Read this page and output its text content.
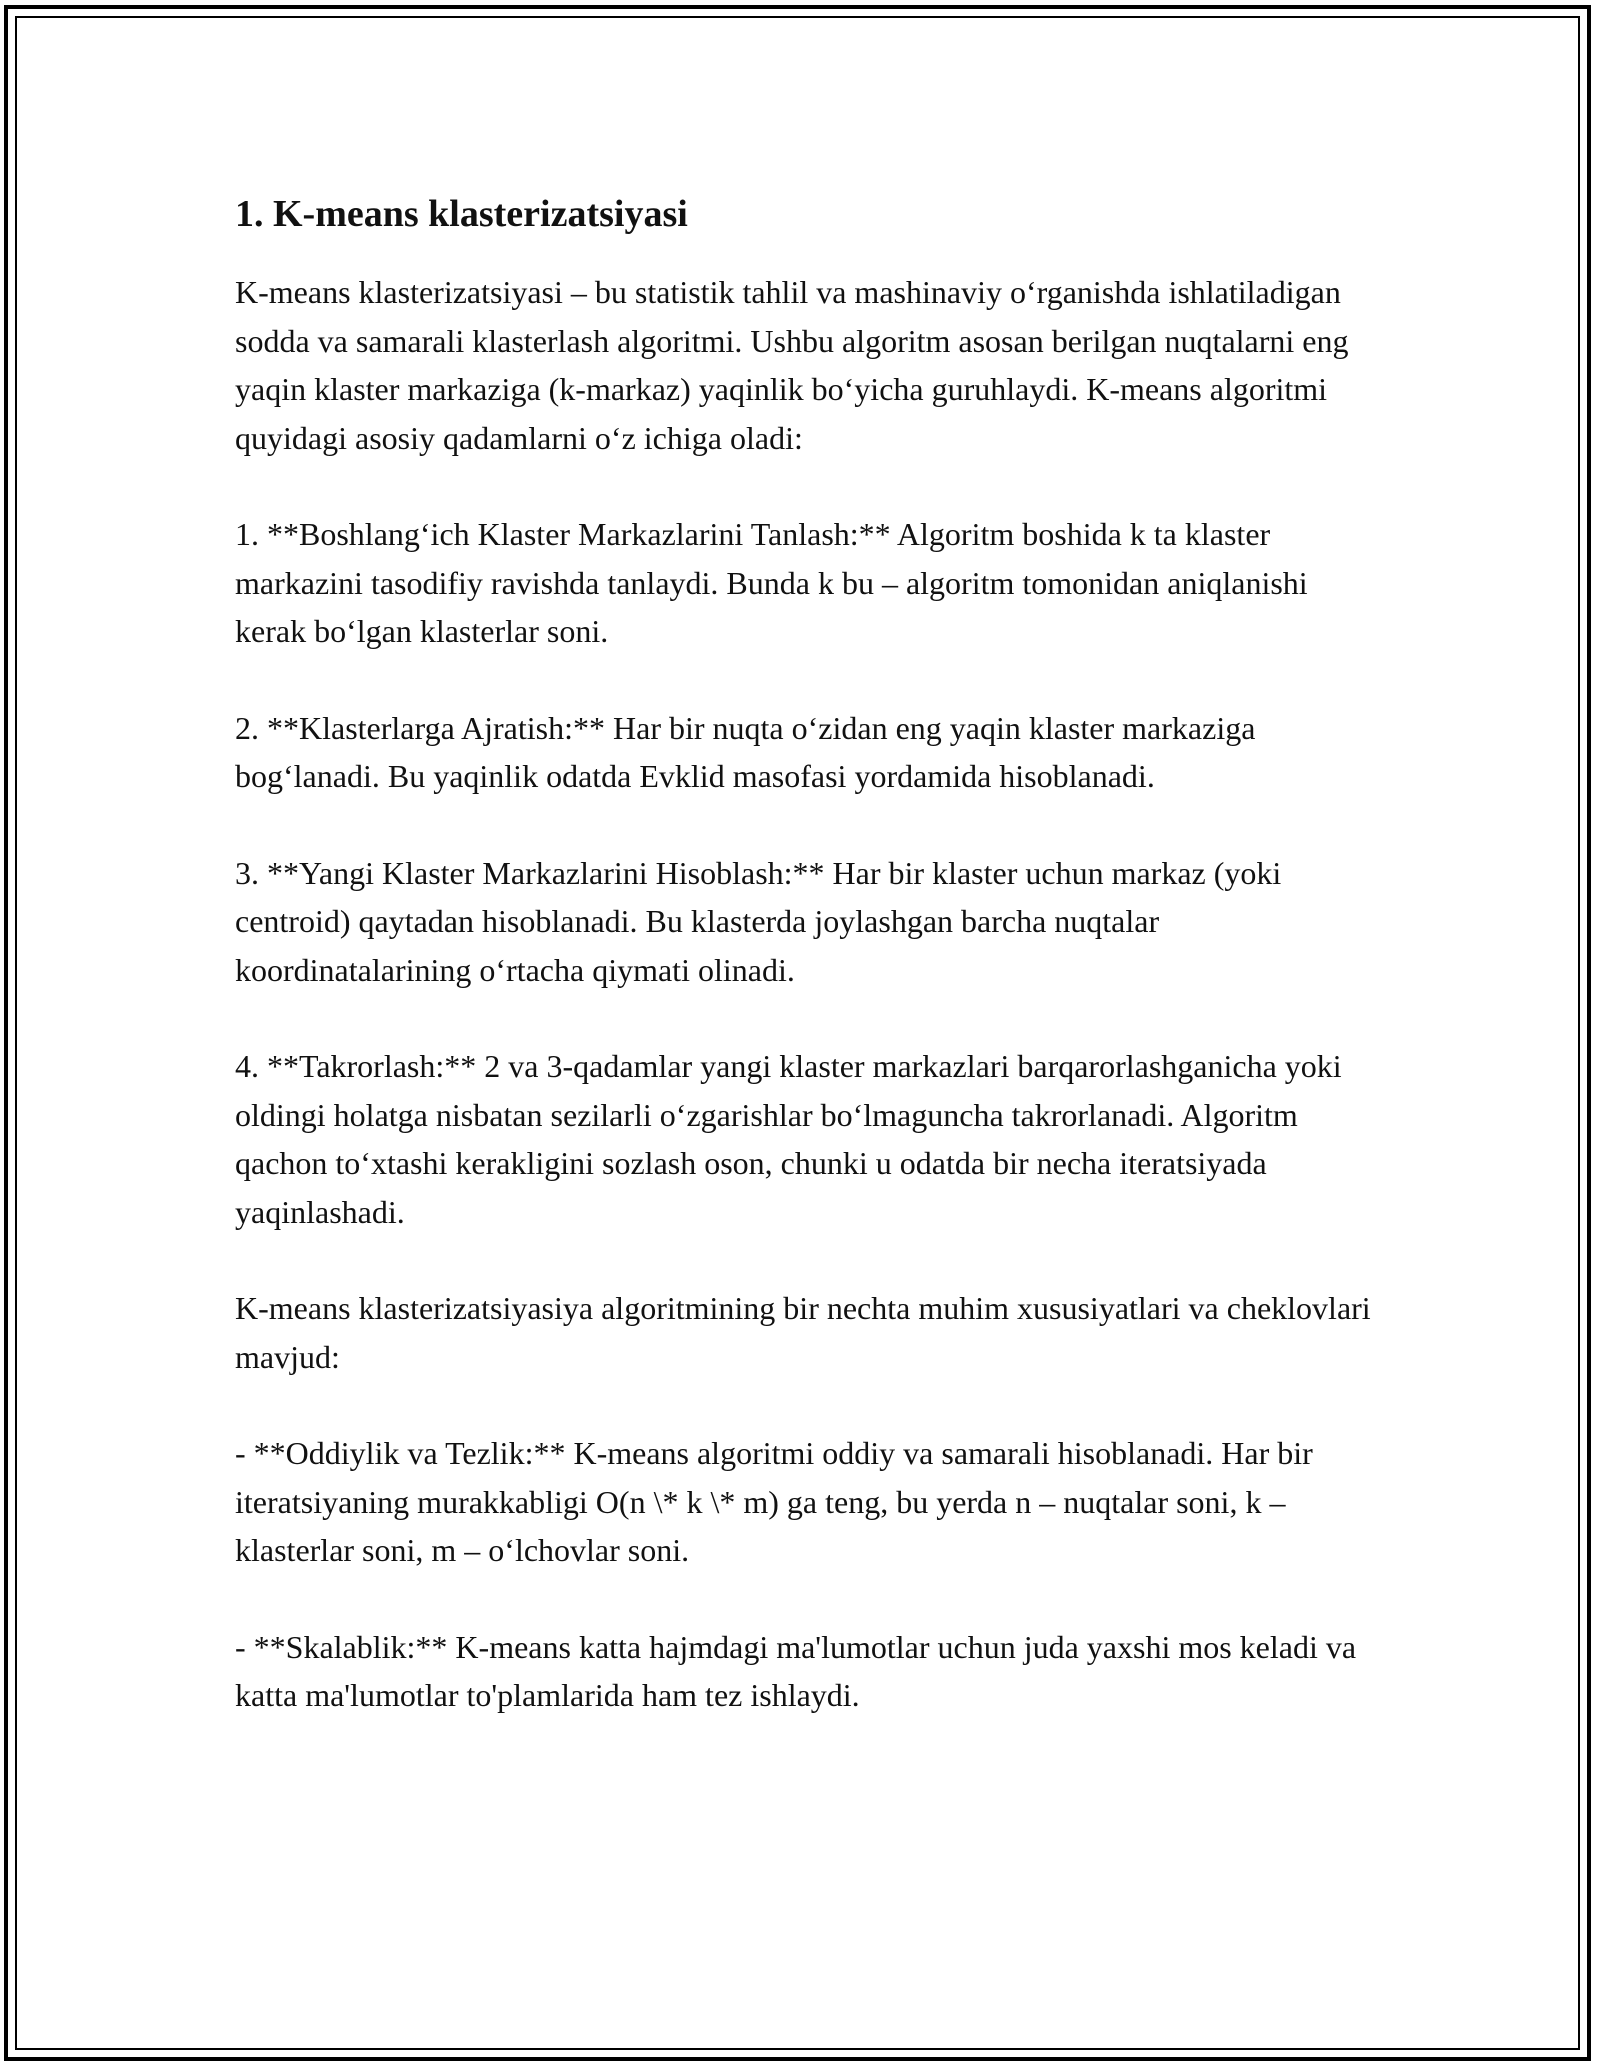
1. K-means klasterizatsiyasi

K-means klasterizatsiyasi – bu statistik tahlil va mashinaviy o‘rganishda ishlatiladigan sodda va samarali klasterlash algoritmi. Ushbu algoritm asosan berilgan nuqtalarni eng yaqin klaster markaziga (k-markaz) yaqinlik bo‘yicha guruhlaydi. K-means algoritmi quyidagi asosiy qadamlarni o‘z ichiga oladi:

1. **Boshlang‘ich Klaster Markazlarini Tanlash:** Algoritm boshida k ta klaster markazini tasodifiy ravishda tanlaydi. Bunda k bu – algoritm tomonidan aniqlanishi kerak bo‘lgan klasterlar soni.

2. **Klasterlarga Ajratish:** Har bir nuqta o‘zidan eng yaqin klaster markaziga bog‘lanadi. Bu yaqinlik odatda Evklid masofasi yordamida hisoblanadi.

3. **Yangi Klaster Markazlarini Hisoblash:** Har bir klaster uchun markaz (yoki centroid) qaytadan hisoblanadi. Bu klasterda joylashgan barcha nuqtalar koordinatalarining o‘rtacha qiymati olinadi.

4. **Takrorlash:** 2 va 3-qadamlar yangi klaster markazlari barqarorlashganicha yoki oldingi holatga nisbatan sezilarli o‘zgarishlar bo‘lmaguncha takrorlanadi. Algoritm qachon to‘xtashi kerakligini sozlash oson, chunki u odatda bir necha iteratsiyada yaqinlashadi.

K-means klasterizatsiyasiya algoritmining bir nechta muhim xususiyatlari va cheklovlari mavjud:

- **Oddiylik va Tezlik:** K-means algoritmi oddiy va samarali hisoblanadi. Har bir iteratsiyaning murakkabligi O(n \* k \* m) ga teng, bu yerda n – nuqtalar soni, k – klasterlar soni, m – o‘lchovlar soni.

- **Skalablik:** K-means katta hajmdagi ma'lumotlar uchun juda yaxshi mos keladi va katta ma'lumotlar to'plamlarida ham tez ishlaydi.
